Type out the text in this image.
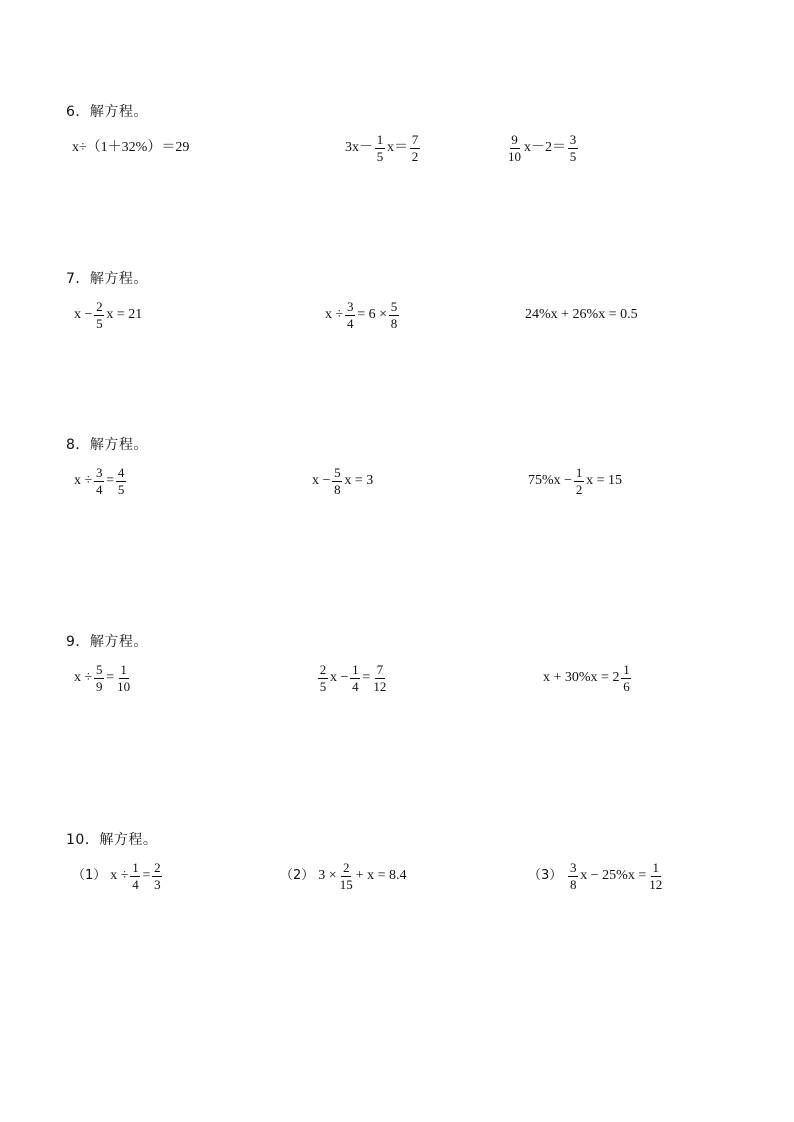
6．解方程。
x÷（1＋32%）＝29	$3x- \frac{1}{5} x= \frac{7}{2}$	$\frac{9}{10} x-2= \frac{3}{5}$
7．解方程。
$x - \frac{2}{5}$ x = 21	$x \div \frac{3}{4} = 6 \times \frac{5}{8}$	24%x + 26%x = 0.5
8．解方程。
$x \div \frac{3}{4} = \frac{4}{5}$	$x - \frac{5}{8}$ x = 3	$75\%x - \frac{1}{2}$ x = 15
9．解方程。
$x \div \frac{5}{9} = \frac{1}{10}$	$\frac{2}{5}$ $x - \frac{1}{4} = \frac{7}{12}$	$x + 30\%x = 2 \frac{1}{6}$
10．解方程。
（1） $x \div \frac{1}{4} = \frac{2}{3}$	（2） $3 \times \frac{2}{15} + x = 8.4$	$(3) \frac{3}{8}$ $x - 25\%x = \frac{1}{12}$
